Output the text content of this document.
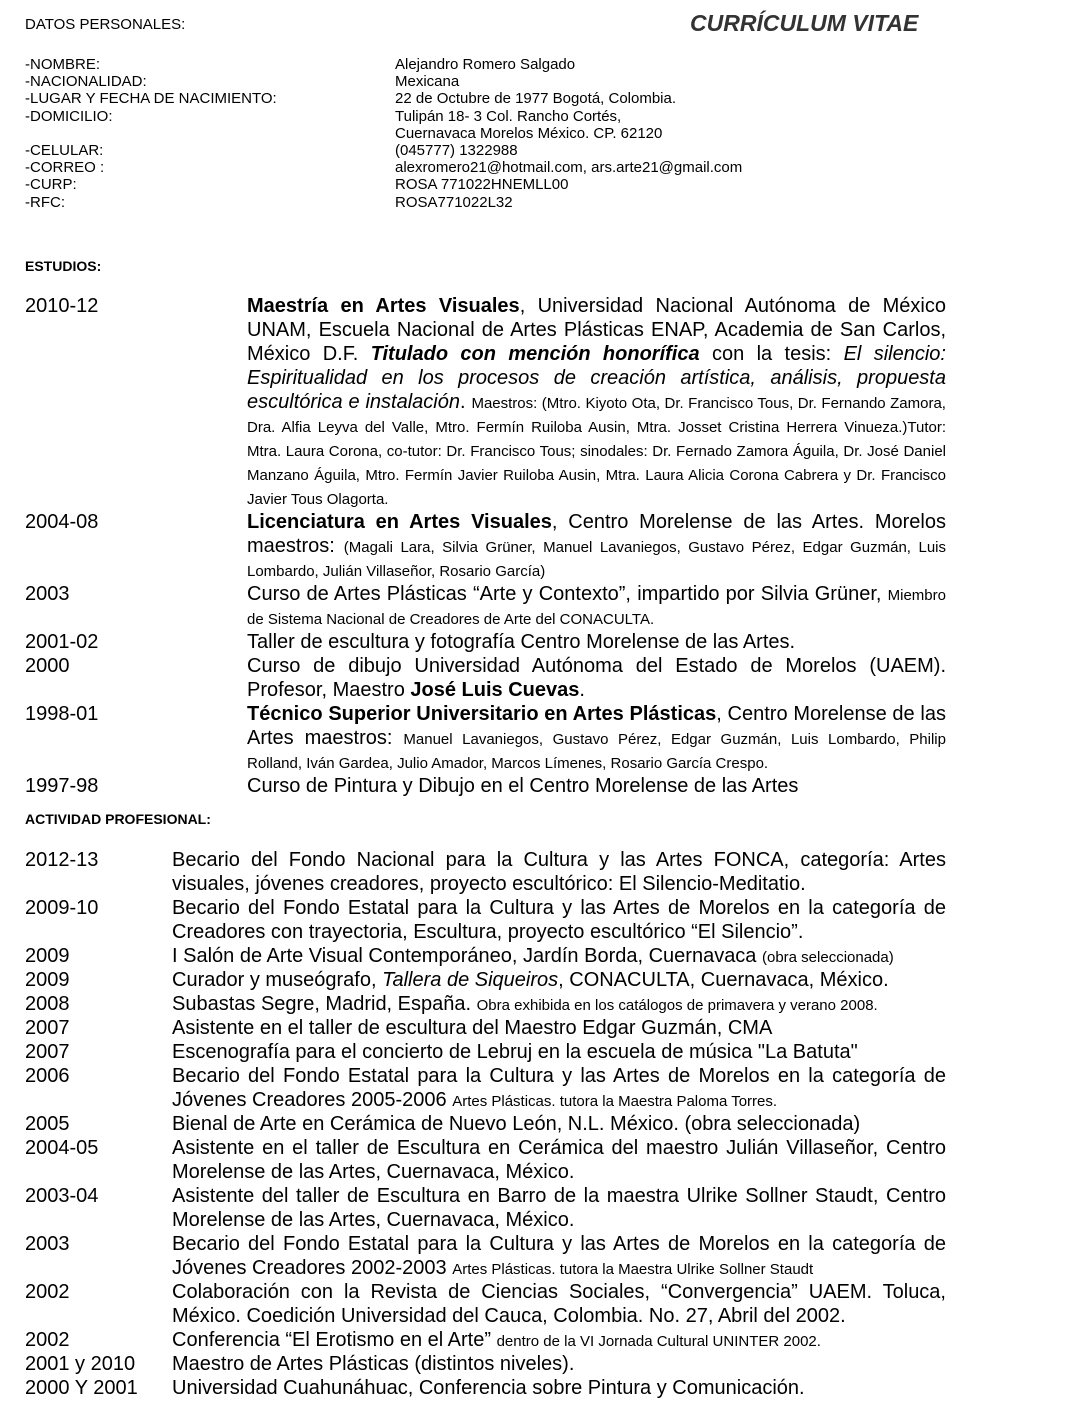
DATOS PERSONALES:	CURRÍCULUM VITAE
-NOMBRE:	Alejandro Romero Salgado
-NACIONALIDAD:	Mexicana
-LUGAR Y FECHA DE NACIMIENTO:	22 de Octubre de 1977 Bogotá, Colombia.
-DOMICILIO:	Tulipán 18- 3 Col. Rancho Cortés,
Cuernavaca Morelos México. CP. 62120
-CELULAR:	(045777) 1322988
-CORREO :	alexromero21@hotmail.com, ars.arte21@gmail.com
-CURP:	ROSA 771022HNEMLL00
-RFC:	ROSA771022L32
ESTUDIOS:
2010-12	Maestría en Artes Visuales, Universidad Nacional Autónoma de México UNAM, Escuela Nacional de Artes Plásticas ENAP, Academia de San Carlos, México D.F. Titulado con mención honorífica con la tesis: El silencio: Espiritualidad en los procesos de creación artística, análisis, propuesta escultórica e instalación. Maestros: (Mtro. Kiyoto Ota, Dr. Francisco Tous, Dr. Fernando Zamora, Dra. Alfia Leyva del Valle, Mtro. Fermín Ruiloba Ausin, Mtra. Josset Cristina Herrera Vinueza.)Tutor: Mtra. Laura Corona, co-tutor: Dr. Francisco Tous; sinodales: Dr. Fernado Zamora Águila, Dr. José Daniel Manzano Águila, Mtro. Fermín Javier Ruiloba Ausin, Mtra. Laura Alicia Corona Cabrera y Dr. Francisco Javier Tous Olagorta.
2004-08	Licenciatura en Artes Visuales, Centro Morelense de las Artes. Morelos maestros: (Magali Lara, Silvia Grüner, Manuel Lavaniegos, Gustavo Pérez, Edgar Guzmán, Luis Lombardo, Julián Villaseñor, Rosario García)
2003	Curso de Artes Plásticas “Arte y Contexto”, impartido por Silvia Grüner, Miembro de Sistema Nacional de Creadores de Arte del CONACULTA.
2001-02	Taller de escultura y fotografía Centro Morelense de las Artes.
2000	Curso de dibujo Universidad Autónoma del Estado de Morelos (UAEM). Profesor, Maestro José Luis Cuevas.
1998-01	Técnico Superior Universitario en Artes Plásticas, Centro Morelense de las Artes maestros: Manuel Lavaniegos, Gustavo Pérez, Edgar Guzmán, Luis Lombardo, Philip Rolland, Iván Gardea, Julio Amador, Marcos Límenes, Rosario García Crespo.
1997-98	Curso de Pintura y Dibujo en el Centro Morelense de las Artes
ACTIVIDAD PROFESIONAL:
2012-13	Becario del Fondo Nacional para la Cultura y las Artes FONCA, categoría: Artes visuales, jóvenes creadores, proyecto escultórico: El Silencio-Meditatio.
2009-10	Becario del Fondo Estatal para la Cultura y las Artes de Morelos en la categoría de Creadores con trayectoria, Escultura, proyecto escultórico “El Silencio”.
2009	I Salón de Arte Visual Contemporáneo, Jardín Borda, Cuernavaca (obra seleccionada)
2009	Curador y museógrafo, Tallera de Siqueiros, CONACULTA, Cuernavaca, México.
2008	Subastas Segre, Madrid, España. Obra exhibida en los catálogos de primavera y verano 2008.
2007	Asistente en el taller de escultura del Maestro Edgar Guzmán, CMA
2007	Escenografía para el concierto de Lebruj en la escuela de música "La Batuta"
2006	Becario del Fondo Estatal para la Cultura y las Artes de Morelos en la categoría de Jóvenes Creadores 2005-2006 Artes Plásticas. tutora la Maestra Paloma Torres.
2005	Bienal de Arte en Cerámica de Nuevo León, N.L. México. (obra seleccionada)
2004-05	Asistente en el taller de Escultura en Cerámica del maestro Julián Villaseñor, Centro Morelense de las Artes, Cuernavaca, México.
2003-04	Asistente del taller de Escultura en Barro de la maestra Ulrike Sollner Staudt, Centro Morelense de las Artes, Cuernavaca, México.
2003	Becario del Fondo Estatal para la Cultura y las Artes de Morelos en la categoría de Jóvenes Creadores 2002-2003 Artes Plásticas. tutora la Maestra Ulrike Sollner Staudt
2002	Colaboración con la Revista de Ciencias Sociales, “Convergencia” UAEM. Toluca, México. Coedición Universidad del Cauca, Colombia. No. 27, Abril del 2002.
2002	Conferencia “El Erotismo en el Arte” dentro de la VI Jornada Cultural UNINTER 2002.
2001 y 2010	Maestro de Artes Plásticas (distintos niveles).
2000 Y 2001	Universidad Cuahunáhuac, Conferencia sobre Pintura y Comunicación.
